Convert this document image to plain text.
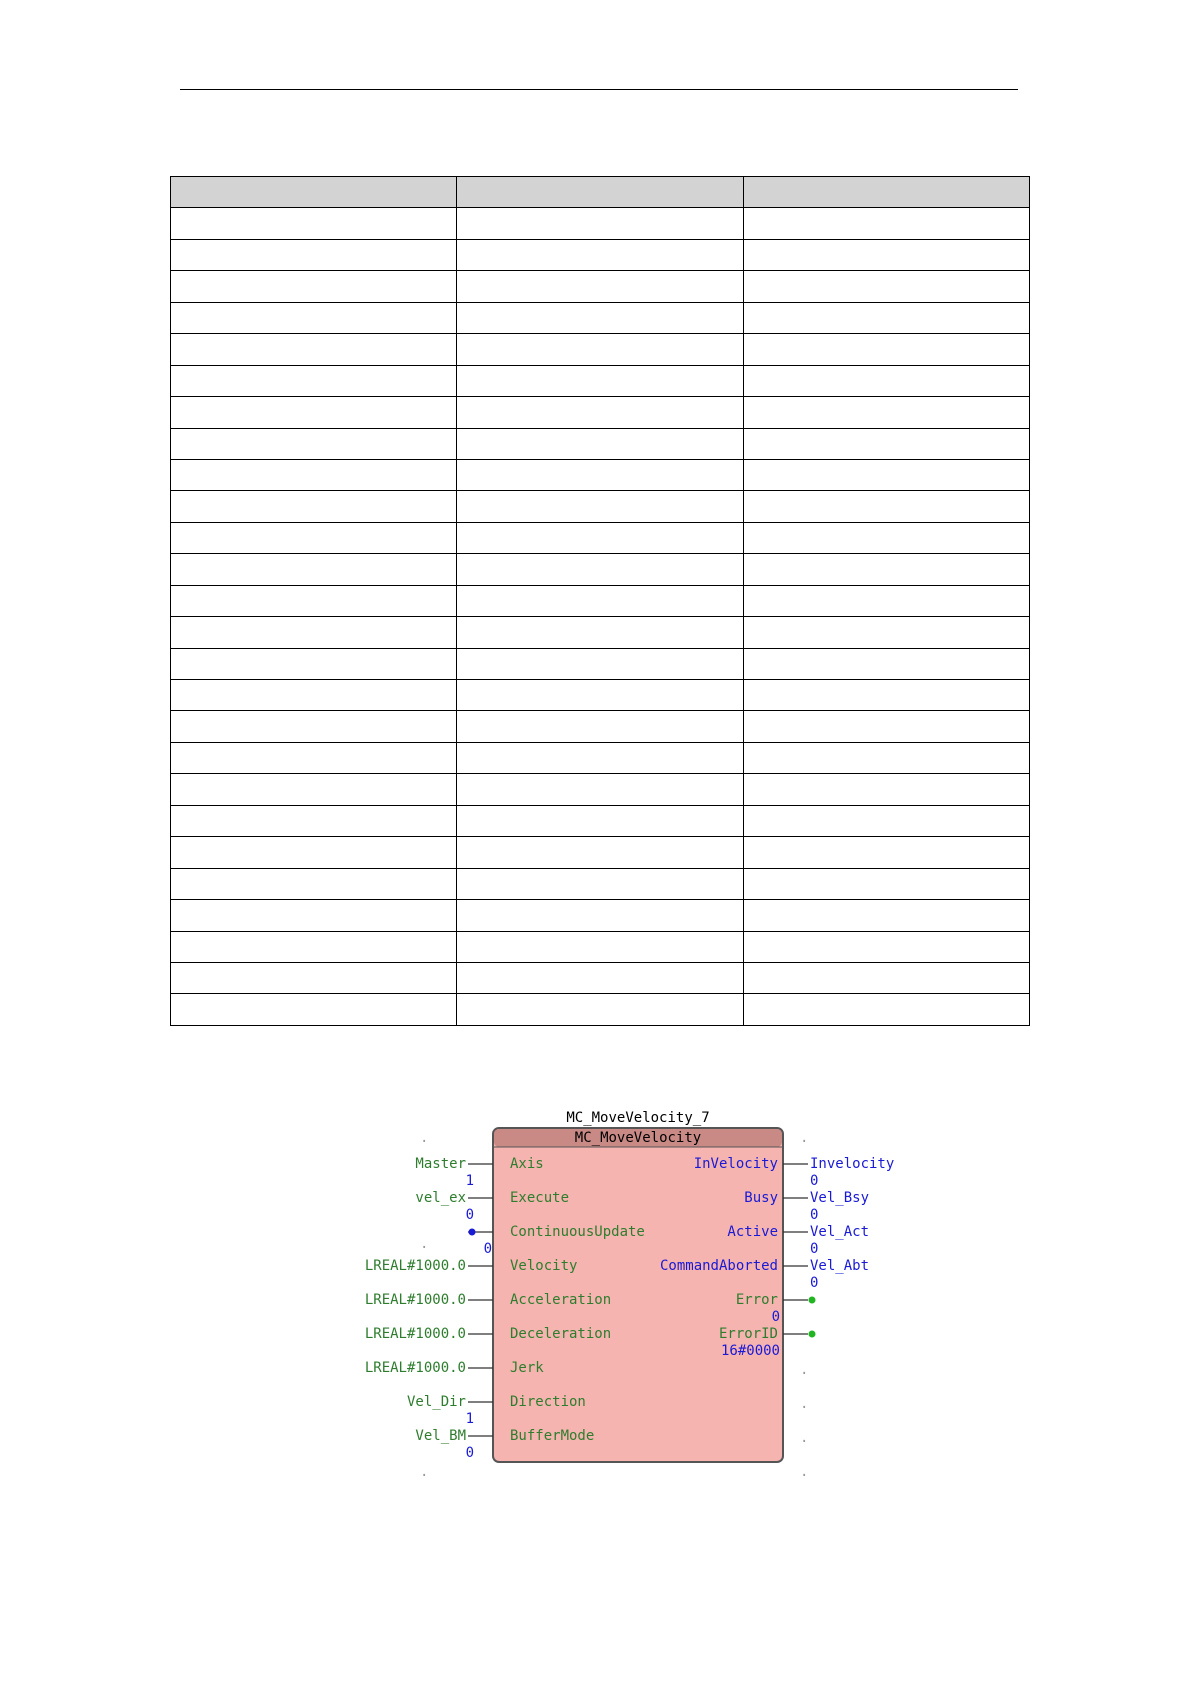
MC_MoveVelocity_7
MC_MoveVelocity
.	.
.
.
.
.
.	.
Axis
Master
1
Execute
vel_ex
0
ContinuousUpdate
0
Velocity
LREAL#1000.0
Acceleration
LREAL#1000.0
Deceleration
LREAL#1000.0
Jerk
LREAL#1000.0
Direction
Vel_Dir
1
BufferMode
Vel_BM
0
InVelocity Invelocity
0
Busy Vel_Bsy
0
Active Vel_Act
0
CommandAborted Vel_Abt
0
Error
0
ErrorID
16#0000
